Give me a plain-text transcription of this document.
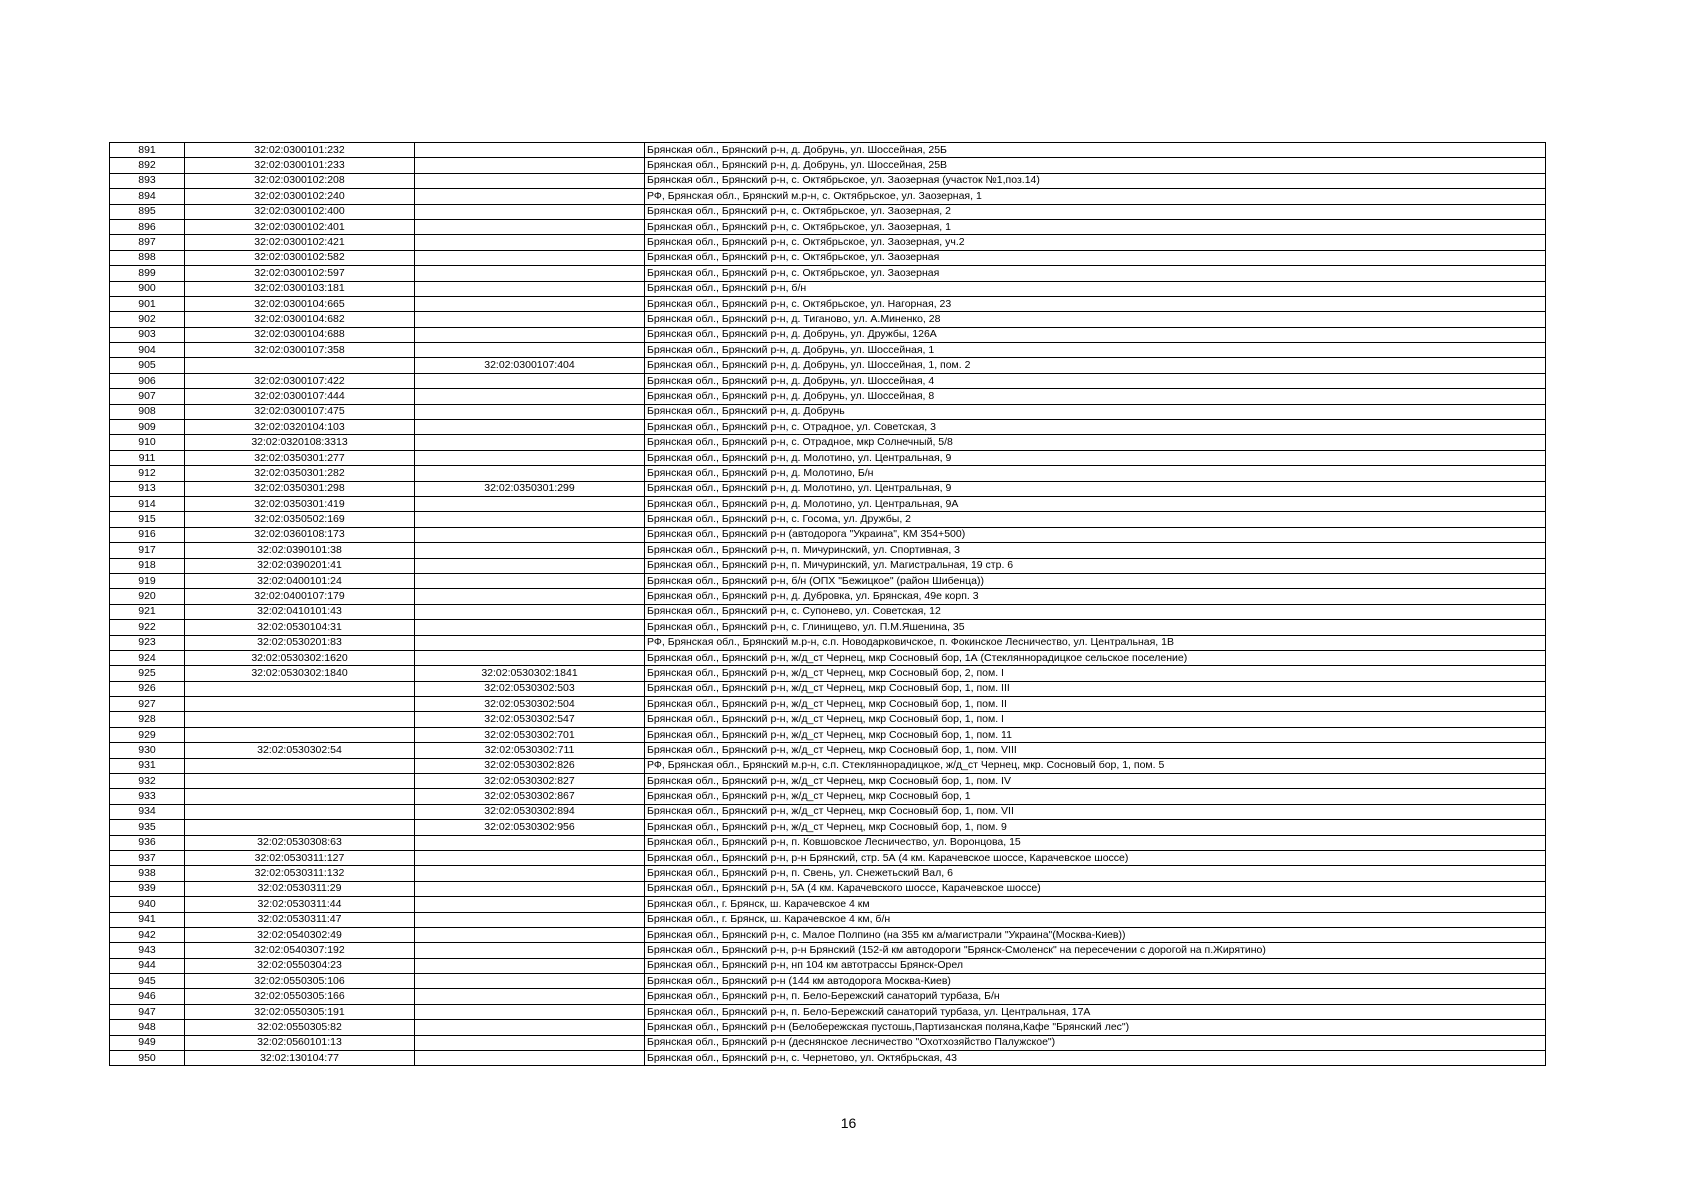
891	32:02:0300101:232		Брянская обл., Брянский р-н, д. Добрунь, ул. Шоссейная, 25Б
892	32:02:0300101:233		Брянская обл., Брянский р-н, д. Добрунь, ул. Шоссейная, 25В
893	32:02:0300102:208		Брянская обл., Брянский р-н, с. Октябрьское, ул. Заозерная (участок №1,поз.14)
894	32:02:0300102:240		РФ, Брянская обл., Брянский м.р-н, с. Октябрьское, ул. Заозерная, 1
895	32:02:0300102:400		Брянская обл., Брянский р-н, с. Октябрьское, ул. Заозерная, 2
896	32:02:0300102:401		Брянская обл., Брянский р-н, с. Октябрьское, ул. Заозерная, 1
897	32:02:0300102:421		Брянская обл., Брянский р-н, с. Октябрьское, ул. Заозерная, уч.2
898	32:02:0300102:582		Брянская обл., Брянский р-н, с. Октябрьское, ул. Заозерная
899	32:02:0300102:597		Брянская обл., Брянский р-н, с. Октябрьское, ул. Заозерная
900	32:02:0300103:181		Брянская обл., Брянский р-н, б/н
901	32:02:0300104:665		Брянская обл., Брянский р-н, с. Октябрьское, ул. Нагорная, 23
902	32:02:0300104:682		Брянская обл., Брянский р-н, д. Тиганово, ул. А.Миненко, 28
903	32:02:0300104:688		Брянская обл., Брянский р-н, д. Добрунь, ул. Дружбы, 126А
904	32:02:0300107:358		Брянская обл., Брянский р-н, д. Добрунь, ул. Шоссейная, 1
905		32:02:0300107:404	Брянская обл., Брянский р-н, д. Добрунь, ул. Шоссейная, 1, пом. 2
906	32:02:0300107:422		Брянская обл., Брянский р-н, д. Добрунь, ул. Шоссейная, 4
907	32:02:0300107:444		Брянская обл., Брянский р-н, д. Добрунь, ул. Шоссейная, 8
908	32:02:0300107:475		Брянская обл., Брянский р-н, д. Добрунь
909	32:02:0320104:103		Брянская обл., Брянский р-н, с. Отрадное, ул. Советская, 3
910	32:02:0320108:3313		Брянская обл., Брянский р-н, с. Отрадное, мкр Солнечный, 5/8
911	32:02:0350301:277		Брянская обл., Брянский р-н, д. Молотино, ул. Центральная, 9
912	32:02:0350301:282		Брянская обл., Брянский р-н, д. Молотино, Б/н
913	32:02:0350301:298	32:02:0350301:299	Брянская обл., Брянский р-н, д. Молотино, ул. Центральная, 9
914	32:02:0350301:419		Брянская обл., Брянский р-н, д. Молотино, ул. Центральная, 9А
915	32:02:0350502:169		Брянская обл., Брянский р-н, с. Госома, ул. Дружбы, 2
916	32:02:0360108:173		Брянская обл., Брянский р-н (автодорога "Украина", КМ 354+500)
917	32:02:0390101:38		Брянская обл., Брянский р-н, п. Мичуринский, ул. Спортивная, 3
918	32:02:0390201:41		Брянская обл., Брянский р-н, п. Мичуринский, ул. Магистральная, 19 стр. 6
919	32:02:0400101:24		Брянская обл., Брянский р-н, б/н (ОПХ "Бежицкое" (район Шибенца))
920	32:02:0400107:179		Брянская обл., Брянский р-н, д. Дубровка, ул. Брянская, 49е корп. 3
921	32:02:0410101:43		Брянская обл., Брянский р-н, с. Супонево, ул. Советская, 12
922	32:02:0530104:31		Брянская обл., Брянский р-н, с. Глинищево, ул. П.М.Яшенина, 35
923	32:02:0530201:83		РФ, Брянская обл., Брянский м.р-н, с.п. Новодарковичское, п. Фокинское Лесничество, ул. Центральная, 1В
924	32:02:0530302:1620		Брянская обл., Брянский р-н, ж/д_ст Чернец, мкр Сосновый бор, 1А (Стекляннорадицкое сельское поселение)
925	32:02:0530302:1840	32:02:0530302:1841	Брянская обл., Брянский р-н, ж/д_ст Чернец, мкр Сосновый бор, 2, пом. I
926		32:02:0530302:503	Брянская обл., Брянский р-н, ж/д_ст Чернец, мкр Сосновый бор, 1, пом. III
927		32:02:0530302:504	Брянская обл., Брянский р-н, ж/д_ст Чернец, мкр Сосновый бор, 1, пом. II
928		32:02:0530302:547	Брянская обл., Брянский р-н, ж/д_ст Чернец, мкр Сосновый бор, 1, пом. I
929		32:02:0530302:701	Брянская обл., Брянский р-н, ж/д_ст Чернец, мкр Сосновый бор, 1, пом. 11
930	32:02:0530302:54	32:02:0530302:711	Брянская обл., Брянский р-н, ж/д_ст Чернец, мкр Сосновый бор, 1, пом. VIII
931		32:02:0530302:826	РФ, Брянская обл., Брянский м.р-н, с.п. Стекляннорадицкое, ж/д_ст Чернец, мкр. Сосновый бор, 1, пом. 5
932		32:02:0530302:827	Брянская обл., Брянский р-н, ж/д_ст Чернец, мкр Сосновый бор, 1, пом. IV
933		32:02:0530302:867	Брянская обл., Брянский р-н, ж/д_ст Чернец, мкр Сосновый бор, 1
934		32:02:0530302:894	Брянская обл., Брянский р-н, ж/д_ст Чернец, мкр Сосновый бор, 1, пом. VII
935		32:02:0530302:956	Брянская обл., Брянский р-н, ж/д_ст Чернец, мкр Сосновый бор, 1, пом. 9
936	32:02:0530308:63		Брянская обл., Брянский р-н, п. Ковшовское Лесничество, ул. Воронцова, 15
937	32:02:0530311:127		Брянская обл., Брянский р-н, р-н Брянский, стр. 5А (4 км. Карачевское шоссе, Карачевское шоссе)
938	32:02:0530311:132		Брянская обл., Брянский р-н, п. Свень, ул. Снежетьский Вал, 6
939	32:02:0530311:29		Брянская обл., Брянский р-н, 5А (4 км. Карачевского шоссе, Карачевское шоссе)
940	32:02:0530311:44		Брянская обл., г. Брянск, ш. Карачевское 4 км
941	32:02:0530311:47		Брянская обл., г. Брянск, ш. Карачевское 4 км, б/н
942	32:02:0540302:49		Брянская обл., Брянский р-н, с. Малое Полпино (на 355 км а/магистрали "Украина"(Москва-Киев))
943	32:02:0540307:192		Брянская обл., Брянский р-н, р-н Брянский (152-й км автодороги "Брянск-Смоленск" на пересечении с дорогой на п.Жирятино)
944	32:02:0550304:23		Брянская обл., Брянский р-н, нп 104 км автотрассы Брянск-Орел
945	32:02:0550305:106		Брянская обл., Брянский р-н (144 км автодорога Москва-Киев)
946	32:02:0550305:166		Брянская обл., Брянский р-н, п. Бело-Бережский санаторий турбаза, Б/н
947	32:02:0550305:191		Брянская обл., Брянский р-н, п. Бело-Бережский санаторий турбаза, ул. Центральная, 17А
948	32:02:0550305:82		Брянская обл., Брянский р-н (Белобережская пустошь,Партизанская поляна,Кафе "Брянский лес")
949	32:02:0560101:13		Брянская обл., Брянский р-н (деснянское лесничество "Охотхозяйство Палужское")
950	32:02:130104:77		Брянская обл., Брянский р-н, с. Чернетово, ул. Октябрьская, 43
16
